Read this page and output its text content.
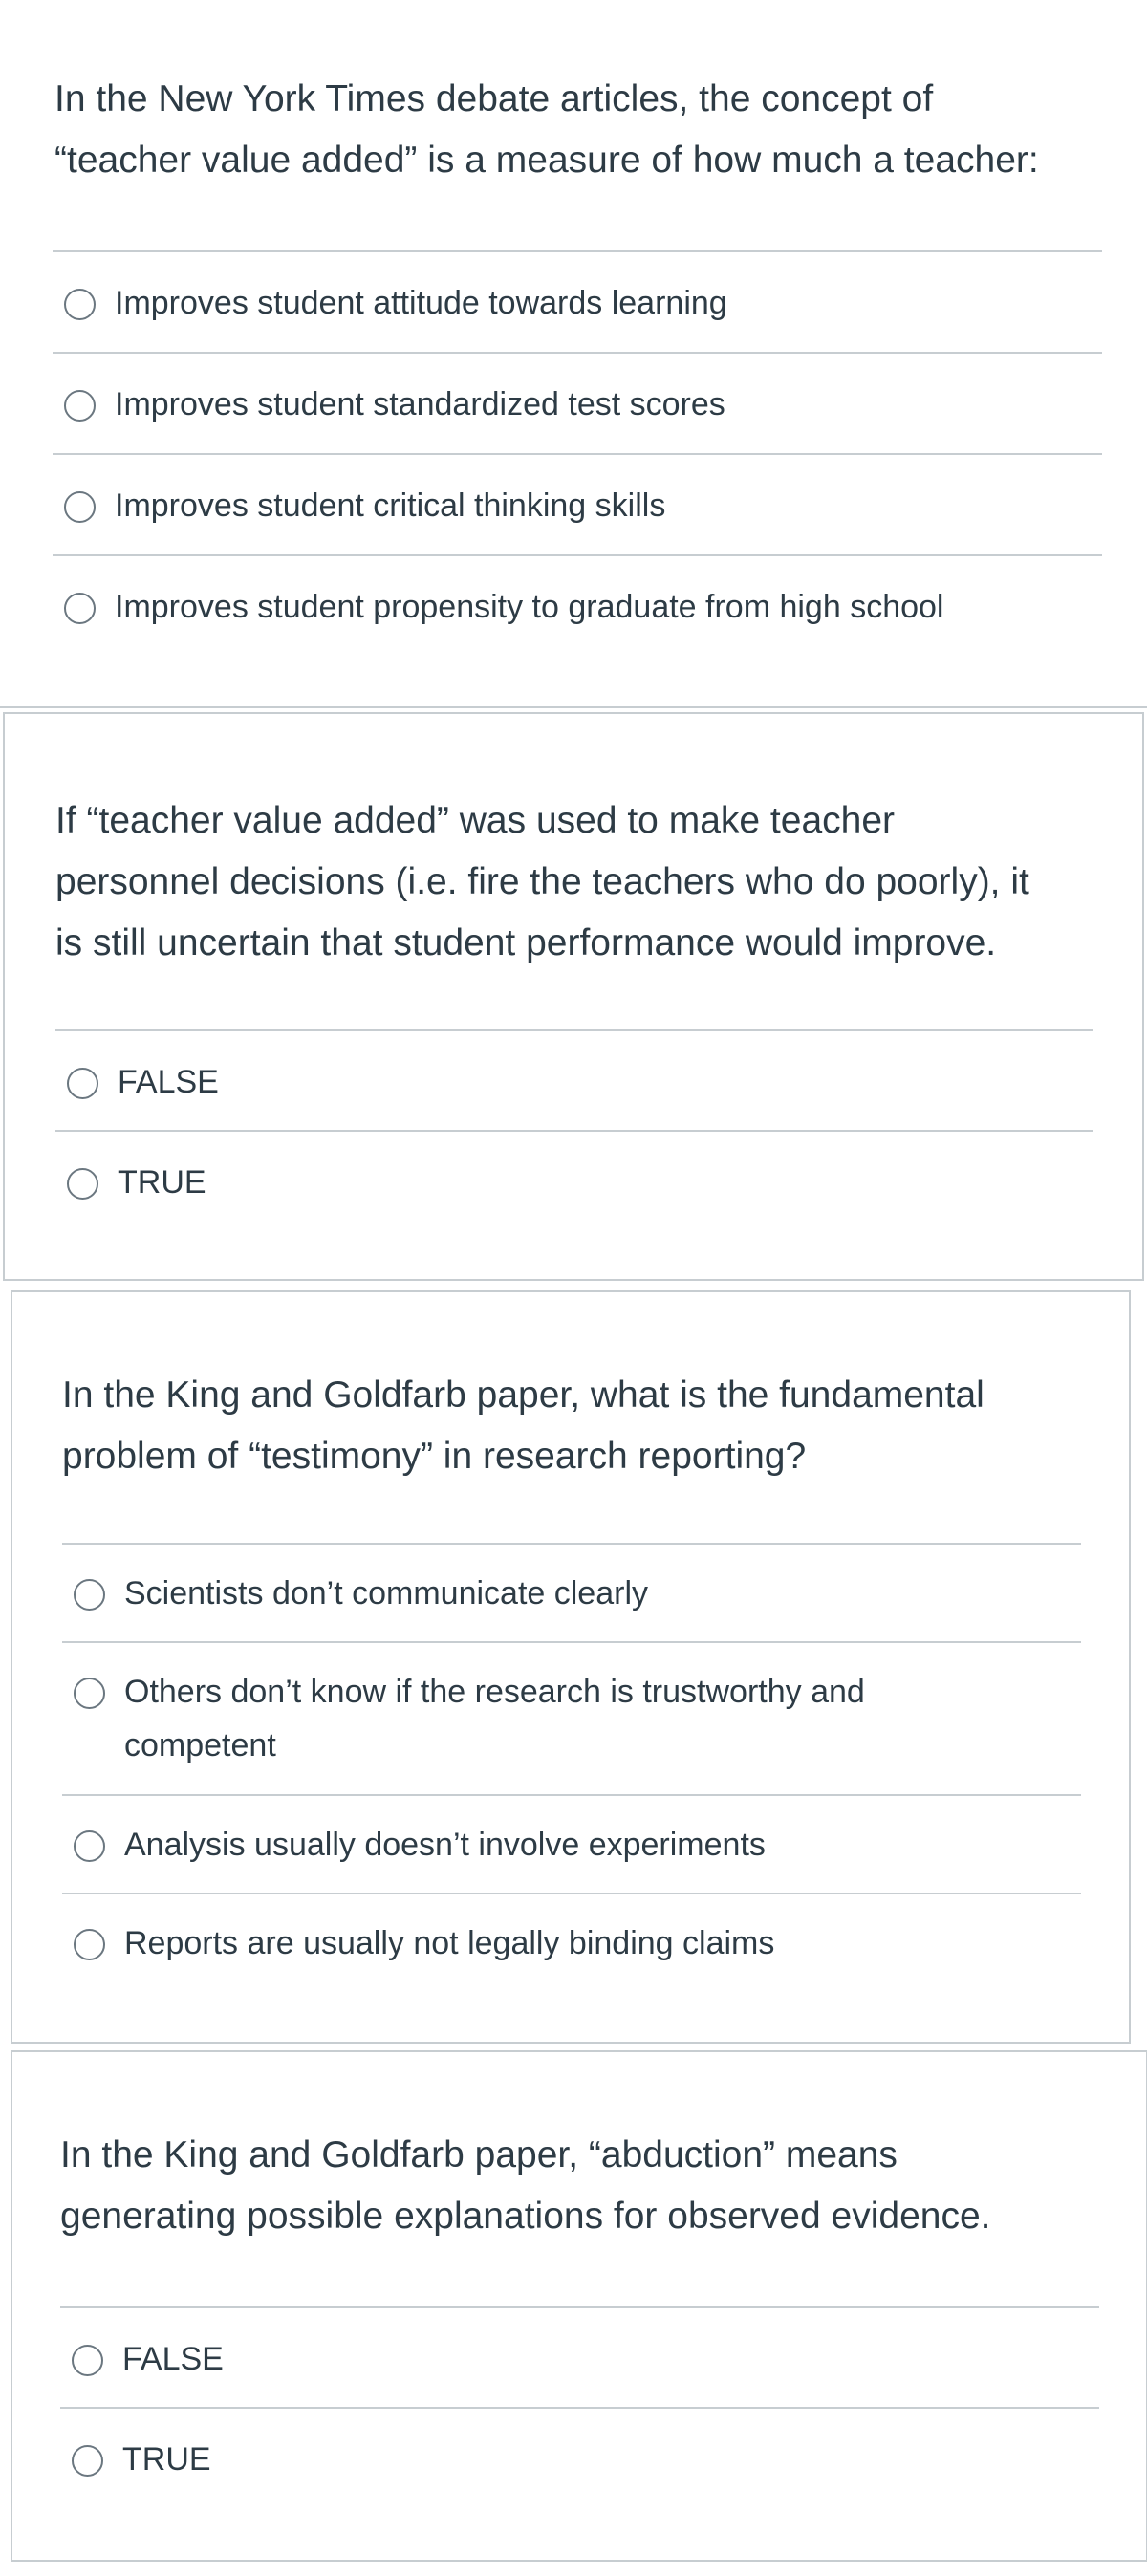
In the New York Times debate articles, the concept of

“teacher value added” is a measure of how much a teacher:

Improves student attitude towards learning
Improves student standardized test scores
Improves student critical thinking skills
Improves student propensity to graduate from high school

If “teacher value added” was used to make teacher

personnel decisions (i.e. fire the teachers who do poorly), it

is still uncertain that student performance would improve.

FALSE
TRUE

In the King and Goldfarb paper, what is the fundamental

problem of “testimony” in research reporting?

Scientists don’t communicate clearly
Others don’t know if the research is trustworthy and
competent
Analysis usually doesn’t involve experiments
Reports are usually not legally binding claims

In the King and Goldfarb paper, “abduction” means

generating possible explanations for observed evidence.

FALSE
TRUE
